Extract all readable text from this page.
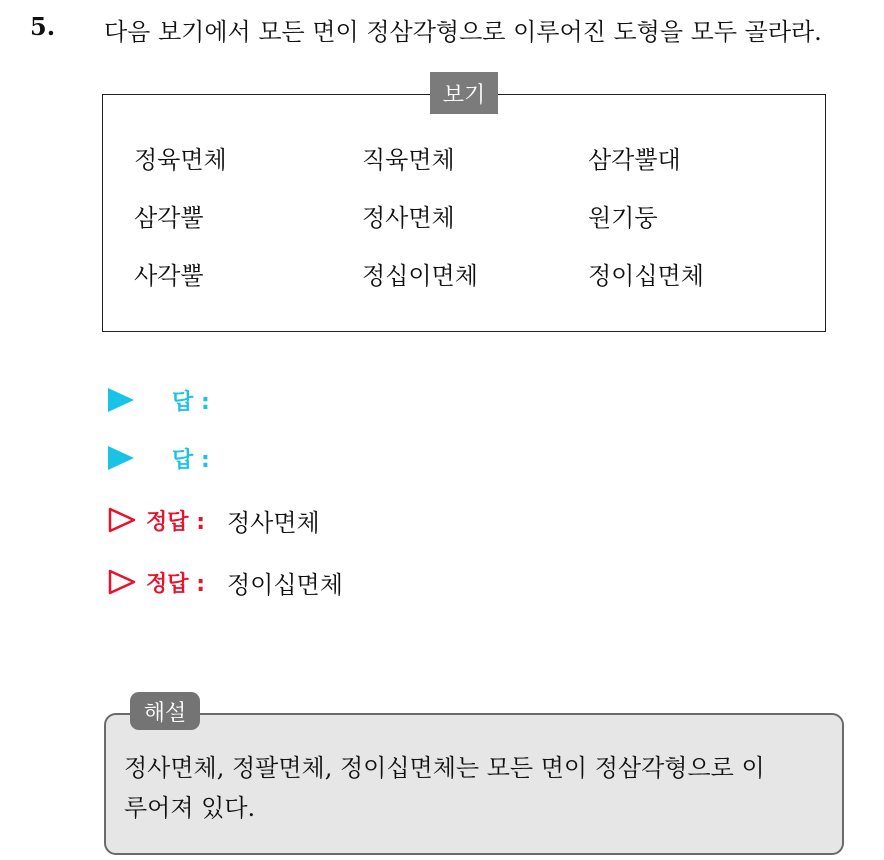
5. 다음 보기에서 모든 면이 정삼각형으로 이루어진 도형을 모두 골라라.
보기
정육면체	직육면체	삼각뿔대
삼각뿔	정사면체	원기둥
사각뿔	정십이면체	정이십면체
답 :
답 :
정답 : 정사면체
정답 : 정이십면체
해설
정사면체, 정팔면체, 정이십면체는 모든 면이 정삼각형으로 이
루어져 있다.
